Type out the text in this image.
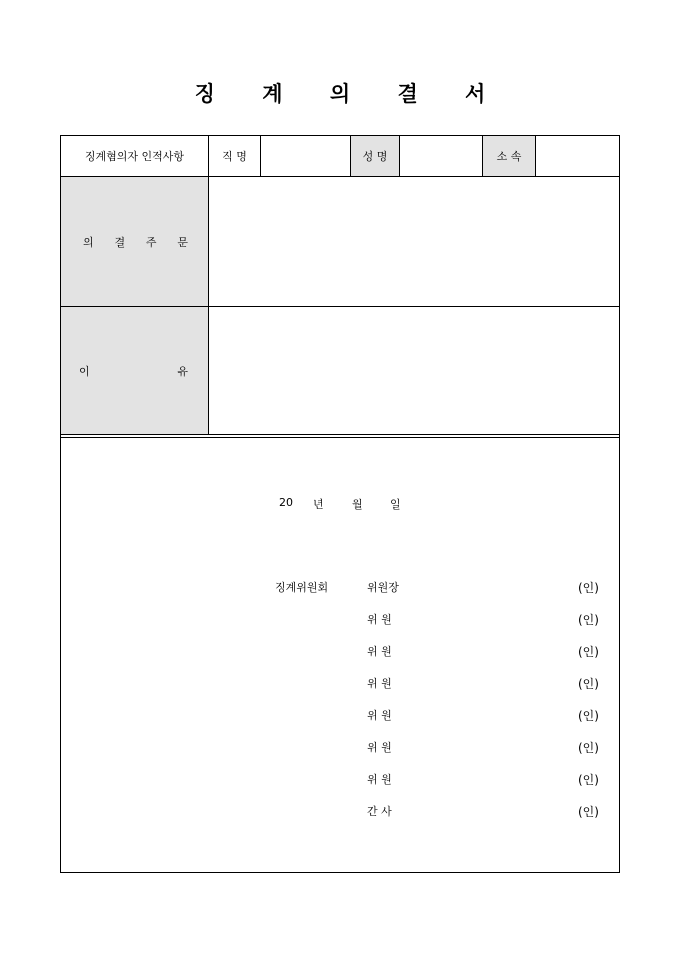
징 계 의 결 서
징계혐의자 인적사항	직 명	성 명	소 속
의 결 주 문
이	유
20 년	월 일
징계위원회	위원장	(인)
위 원	(인)
위 원	(인)
위 원	(인)
위 원	(인)
위 원	(인)
위 원	(인)
간 사	(인)
